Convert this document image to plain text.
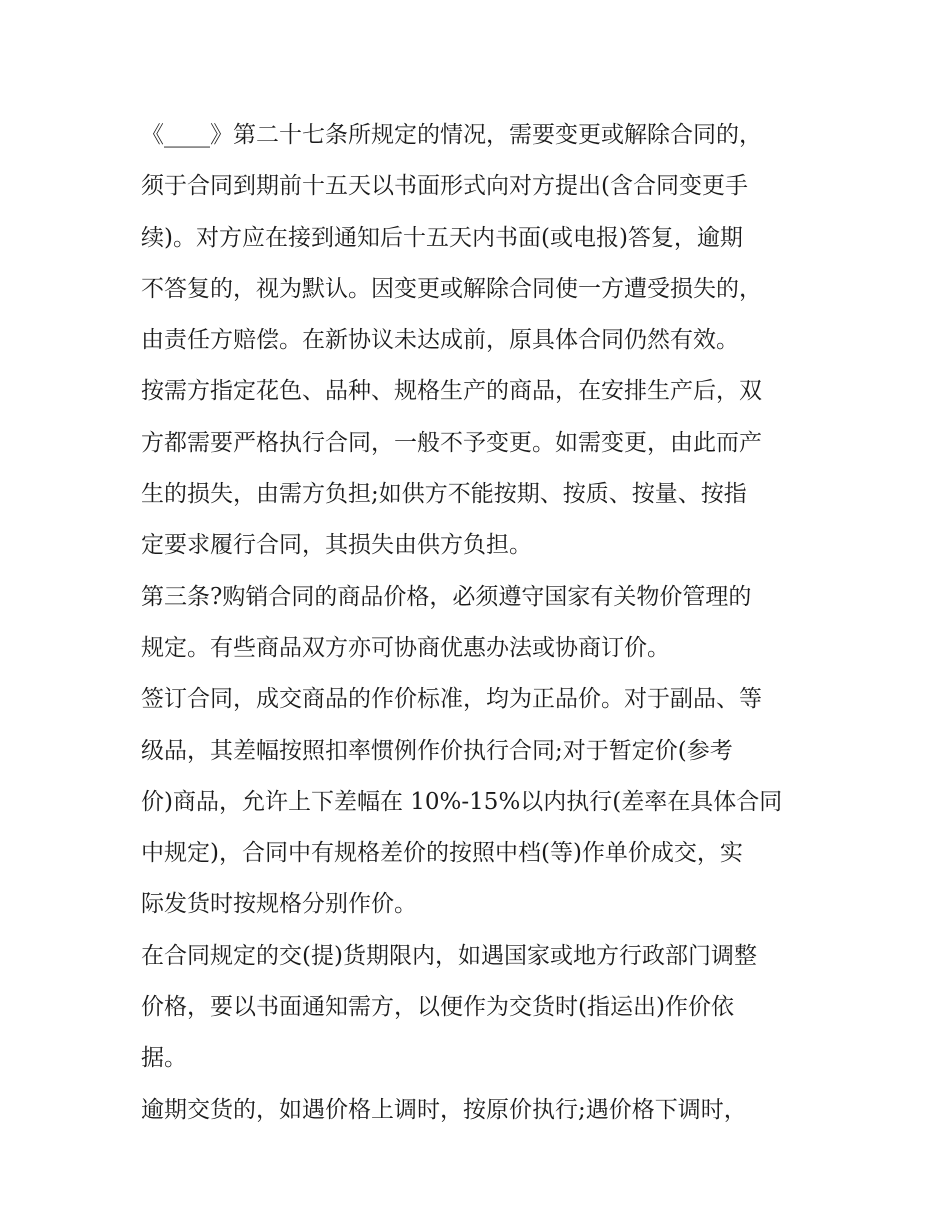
《____》第二十七条所规定的情况，需要变更或解除合同的，
须于合同到期前十五天以书面形式向对方提出(含合同变更手
续)。对方应在接到通知后十五天内书面(或电报)答复，逾期
不答复的，视为默认。因变更或解除合同使一方遭受损失的，
由责任方赔偿。在新协议未达成前，原具体合同仍然有效。
按需方指定花色、品种、规格生产的商品，在安排生产后，双
方都需要严格执行合同，一般不予变更。如需变更，由此而产
生的损失，由需方负担;如供方不能按期、按质、按量、按指
定要求履行合同，其损失由供方负担。
第三条?购销合同的商品价格，必须遵守国家有关物价管理的
规定。有些商品双方亦可协商优惠办法或协商订价。
签订合同，成交商品的作价标准，均为正品价。对于副品、等
级品，其差幅按照扣率惯例作价执行合同;对于暂定价(参考
价)商品，允许上下差幅在 10%-15%以内执行(差率在具体合同
中规定)，合同中有规格差价的按照中档(等)作单价成交，实
际发货时按规格分别作价。
在合同规定的交(提)货期限内，如遇国家或地方行政部门调整
价格，要以书面通知需方，以便作为交货时(指运出)作价依
据。
逾期交货的，如遇价格上调时，按原价执行;遇价格下调时，
